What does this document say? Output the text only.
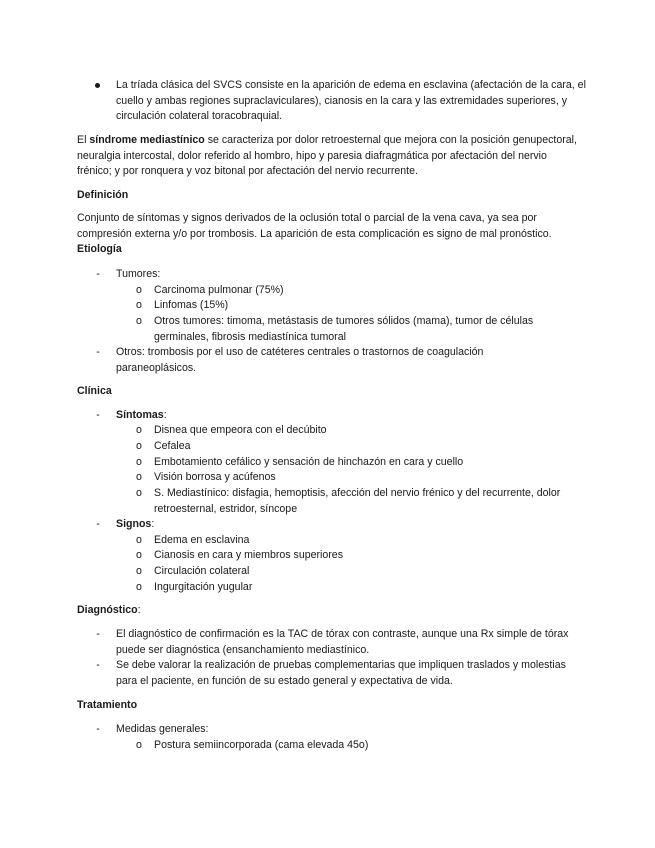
La tríada clásica del SVCS consiste en la aparición de edema en esclavina (afectación de la cara, el cuello y ambas regiones supraclaviculares), cianosis en la cara y las extremidades superiores, y circulación colateral toracobraquial.

El síndrome mediastínico se caracteriza por dolor retroesternal que mejora con la posición genupectoral, neuralgia intercostal, dolor referido al hombro, hipo y paresia diafragmática por afectación del nervio frénico; y por ronquera y voz bitonal por afectación del nervio recurrente.

Definición

Conjunto de síntomas y signos derivados de la oclusión total o parcial de la vena cava, ya sea por compresión externa y/o por trombosis. La aparición de esta complicación es signo de mal pronóstico. Etiología

-	Tumores:
o Carcinoma pulmonar (75%)
o Linfomas (15%)
o Otros tumores: timoma, metástasis de tumores sólidos (mama), tumor de células germinales, fibrosis mediastínica tumoral
-	Otros: trombosis por el uso de catéteres centrales o trastornos de coagulación paraneoplásicos.
Clínica
-	Síntomas:
o Disnea que empeora con el decúbito
o Cefalea
o Embotamiento cefálico y sensación de hinchazón en cara y cuello
o Visión borrosa y acúfenos
o S. Mediastínico: disfagia, hemoptisis, afección del nervio frénico y del recurrente, dolor retroesternal, estridor, síncope
-	Signos:
o Edema en esclavina
o Cianosis en cara y miembros superiores
o Circulación colateral
o Ingurgitación yugular
Diagnóstico:
-	El diagnóstico de confirmación es la TAC de tórax con contraste, aunque una Rx simple de tórax puede ser diagnóstica (ensanchamiento mediastínico.
-	Se debe valorar la realización de pruebas complementarias que impliquen traslados y molestias para el paciente, en función de su estado general y expectativa de vida.
Tratamiento
-	Medidas generales:
o Postura semiincorporada (cama elevada 45o)
